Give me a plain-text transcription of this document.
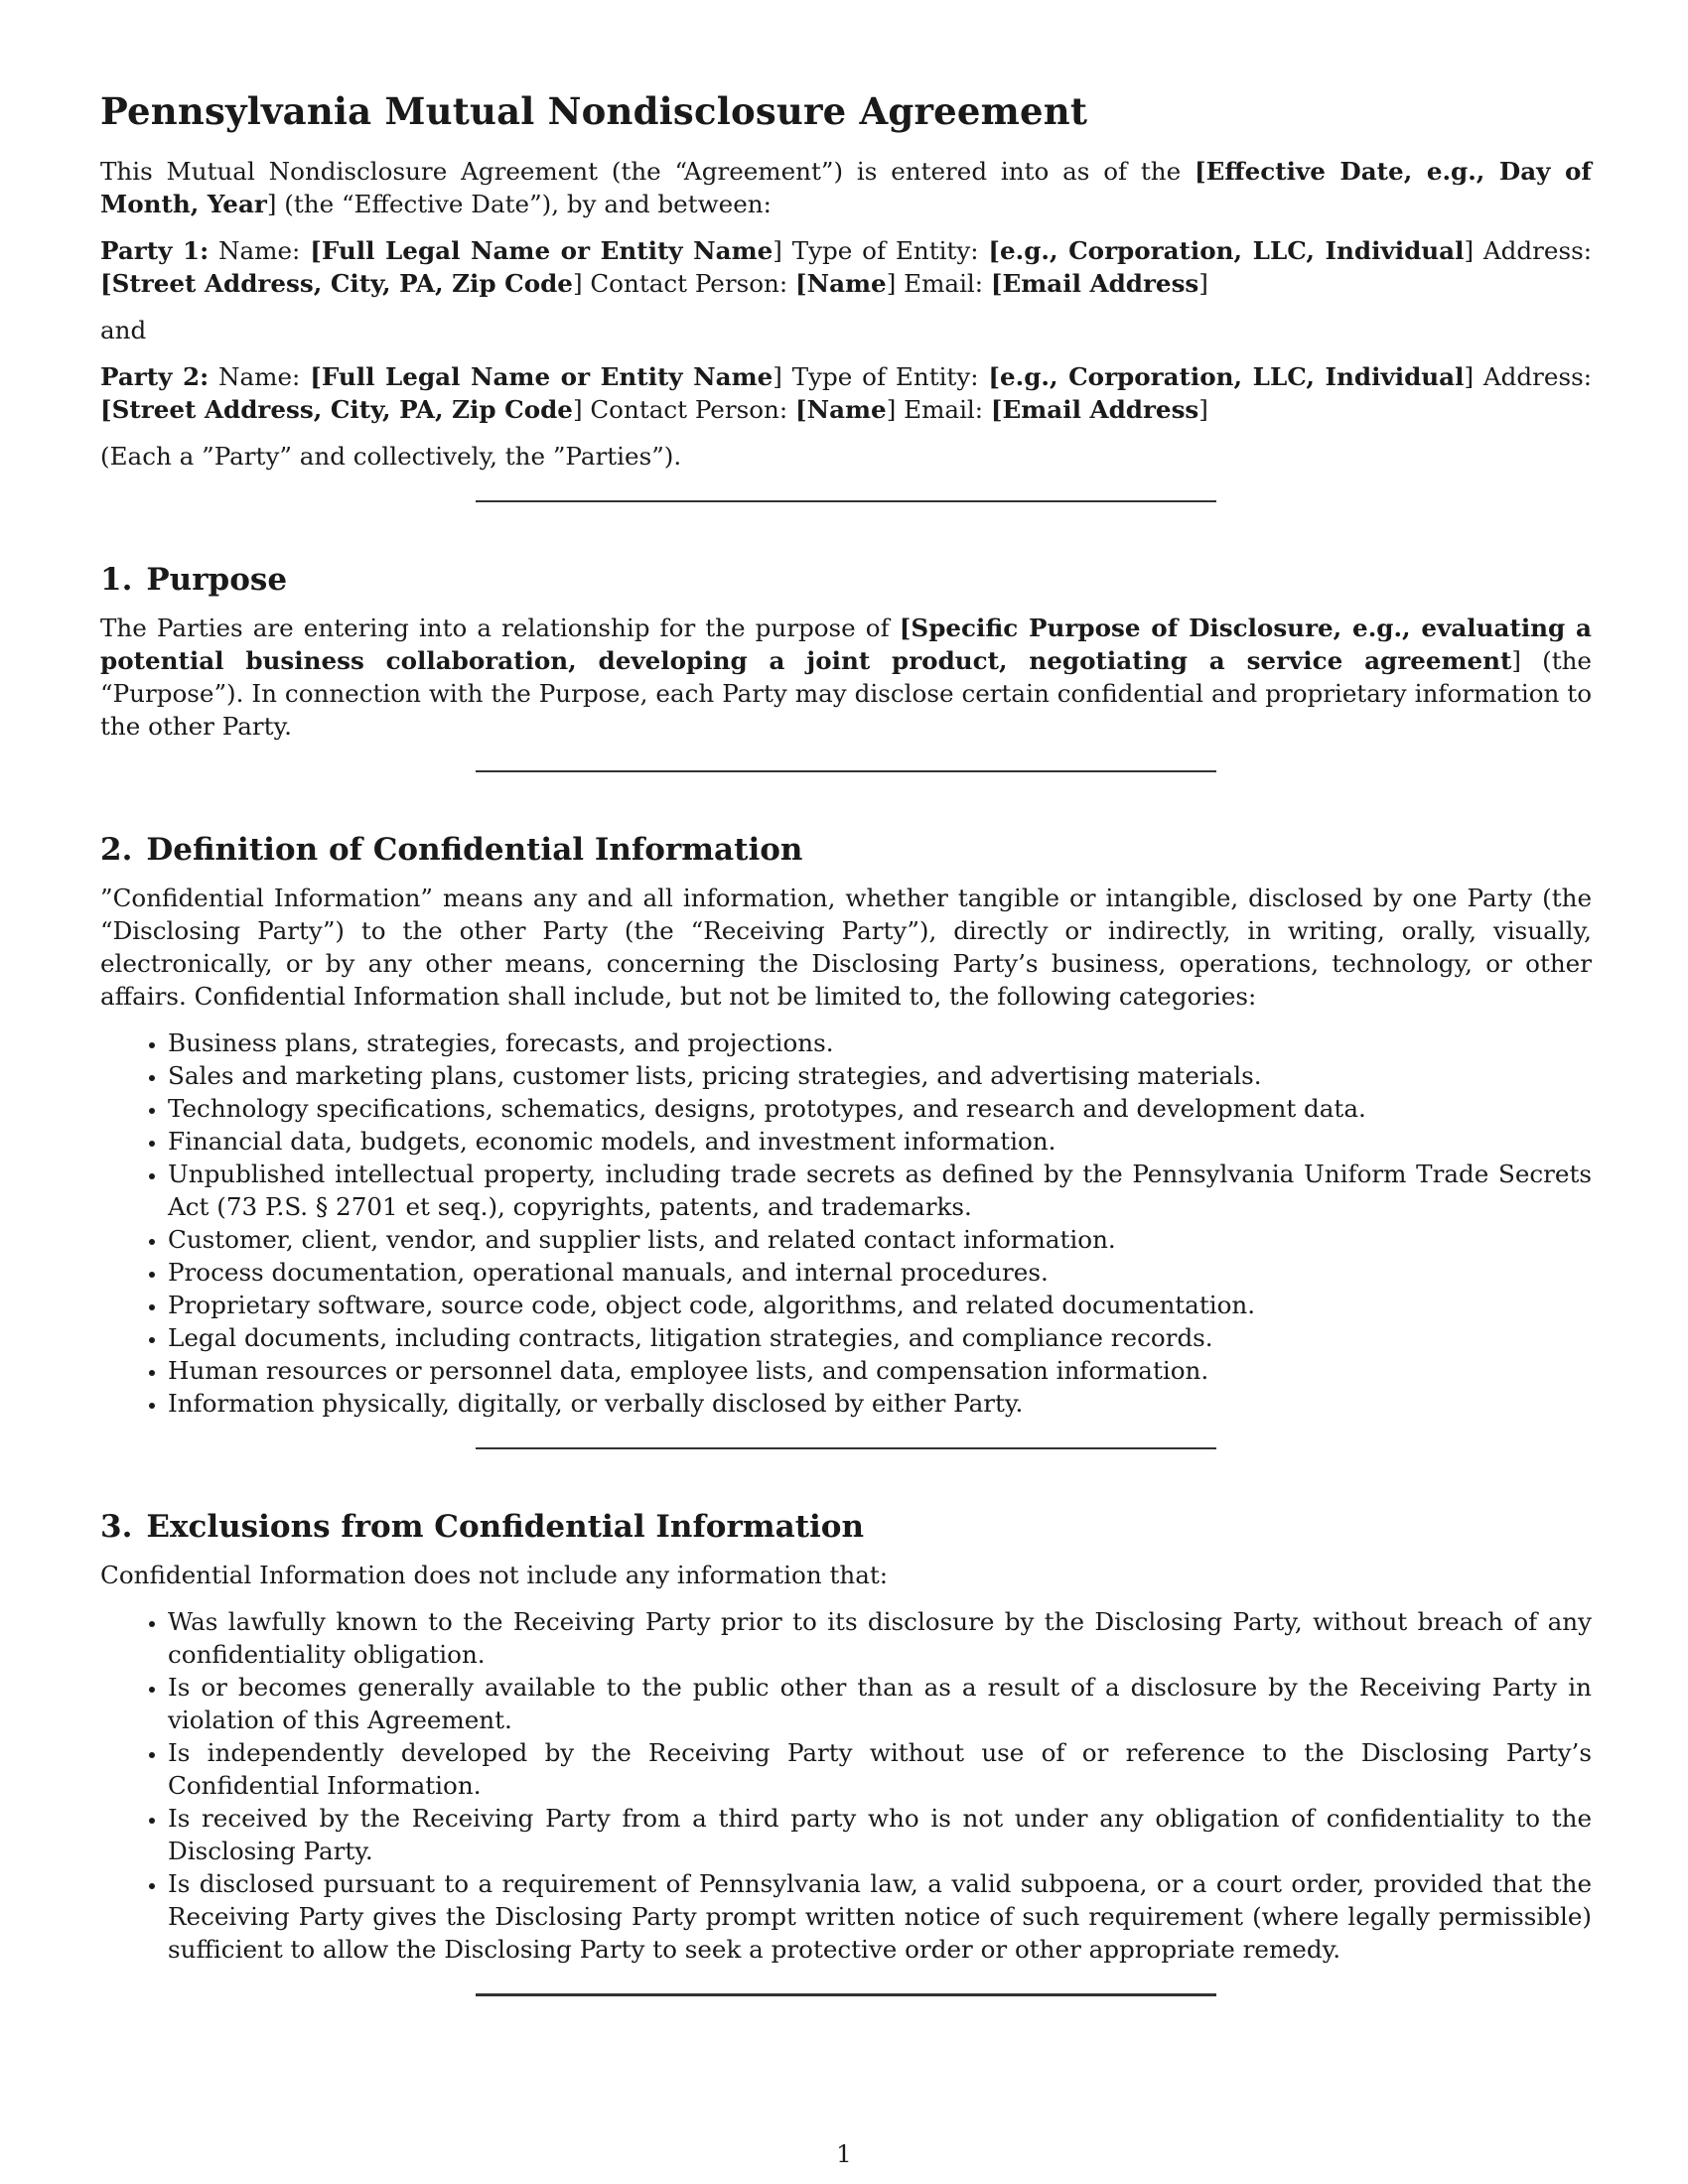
Pennsylvania Mutual Nondisclosure Agreement

This Mutual Nondisclosure Agreement (the “Agreement”) is entered into as of the [Effective Date, e.g., Day of Month, Year] (the “Effective Date”), by and between:

Party 1: Name: [Full Legal Name or Entity Name] Type of Entity: [e.g., Corporation, LLC, Individual] Address: [Street Address, City, PA, Zip Code] Contact Person: [Name] Email: [Email Address]

and

Party 2: Name: [Full Legal Name or Entity Name] Type of Entity: [e.g., Corporation, LLC, Individual] Address: [Street Address, City, PA, Zip Code] Contact Person: [Name] Email: [Email Address]

(Each a ”Party” and collectively, the ”Parties”).

1. Purpose

The Parties are entering into a relationship for the purpose of [Specific Purpose of Disclosure, e.g., evaluating a potential business collaboration, developing a joint product, negotiating a service agreement] (the “Purpose”). In connection with the Purpose, each Party may disclose certain confidential and proprietary information to the other Party.

2. Definition of Confidential Information

”Confidential Information” means any and all information, whether tangible or intangible, disclosed by one Party (the “Disclosing Party”) to the other Party (the “Receiving Party”), directly or indirectly, in writing, orally, visually, electronically, or by any other means, concerning the Disclosing Party’s business, operations, technology, or other affairs. Confidential Information shall include, but not be limited to, the following categories:

• Business plans, strategies, forecasts, and projections.
• Sales and marketing plans, customer lists, pricing strategies, and advertising materials.
• Technology specifications, schematics, designs, prototypes, and research and development data.
• Financial data, budgets, economic models, and investment information.
• Unpublished intellectual property, including trade secrets as defined by the Pennsylvania Uniform Trade Secrets Act (73 P.S. § 2701 et seq.), copyrights, patents, and trademarks.
• Customer, client, vendor, and supplier lists, and related contact information.
• Process documentation, operational manuals, and internal procedures.
• Proprietary software, source code, object code, algorithms, and related documentation.
• Legal documents, including contracts, litigation strategies, and compliance records.
• Human resources or personnel data, employee lists, and compensation information.
• Information physically, digitally, or verbally disclosed by either Party.
3. Exclusions from Confidential Information

Confidential Information does not include any information that:

• Was lawfully known to the Receiving Party prior to its disclosure by the Disclosing Party, without breach of any confidentiality obligation.
• Is or becomes generally available to the public other than as a result of a disclosure by the Receiving Party in violation of this Agreement.
• Is independently developed by the Receiving Party without use of or reference to the Disclosing Party’s Confidential Information.
• Is received by the Receiving Party from a third party who is not under any obligation of confidentiality to the Disclosing Party.
• Is disclosed pursuant to a requirement of Pennsylvania law, a valid subpoena, or a court order, provided that the Receiving Party gives the Disclosing Party prompt written notice of such requirement (where legally permissible) sufficient to allow the Disclosing Party to seek a protective order or other appropriate remedy.
1
